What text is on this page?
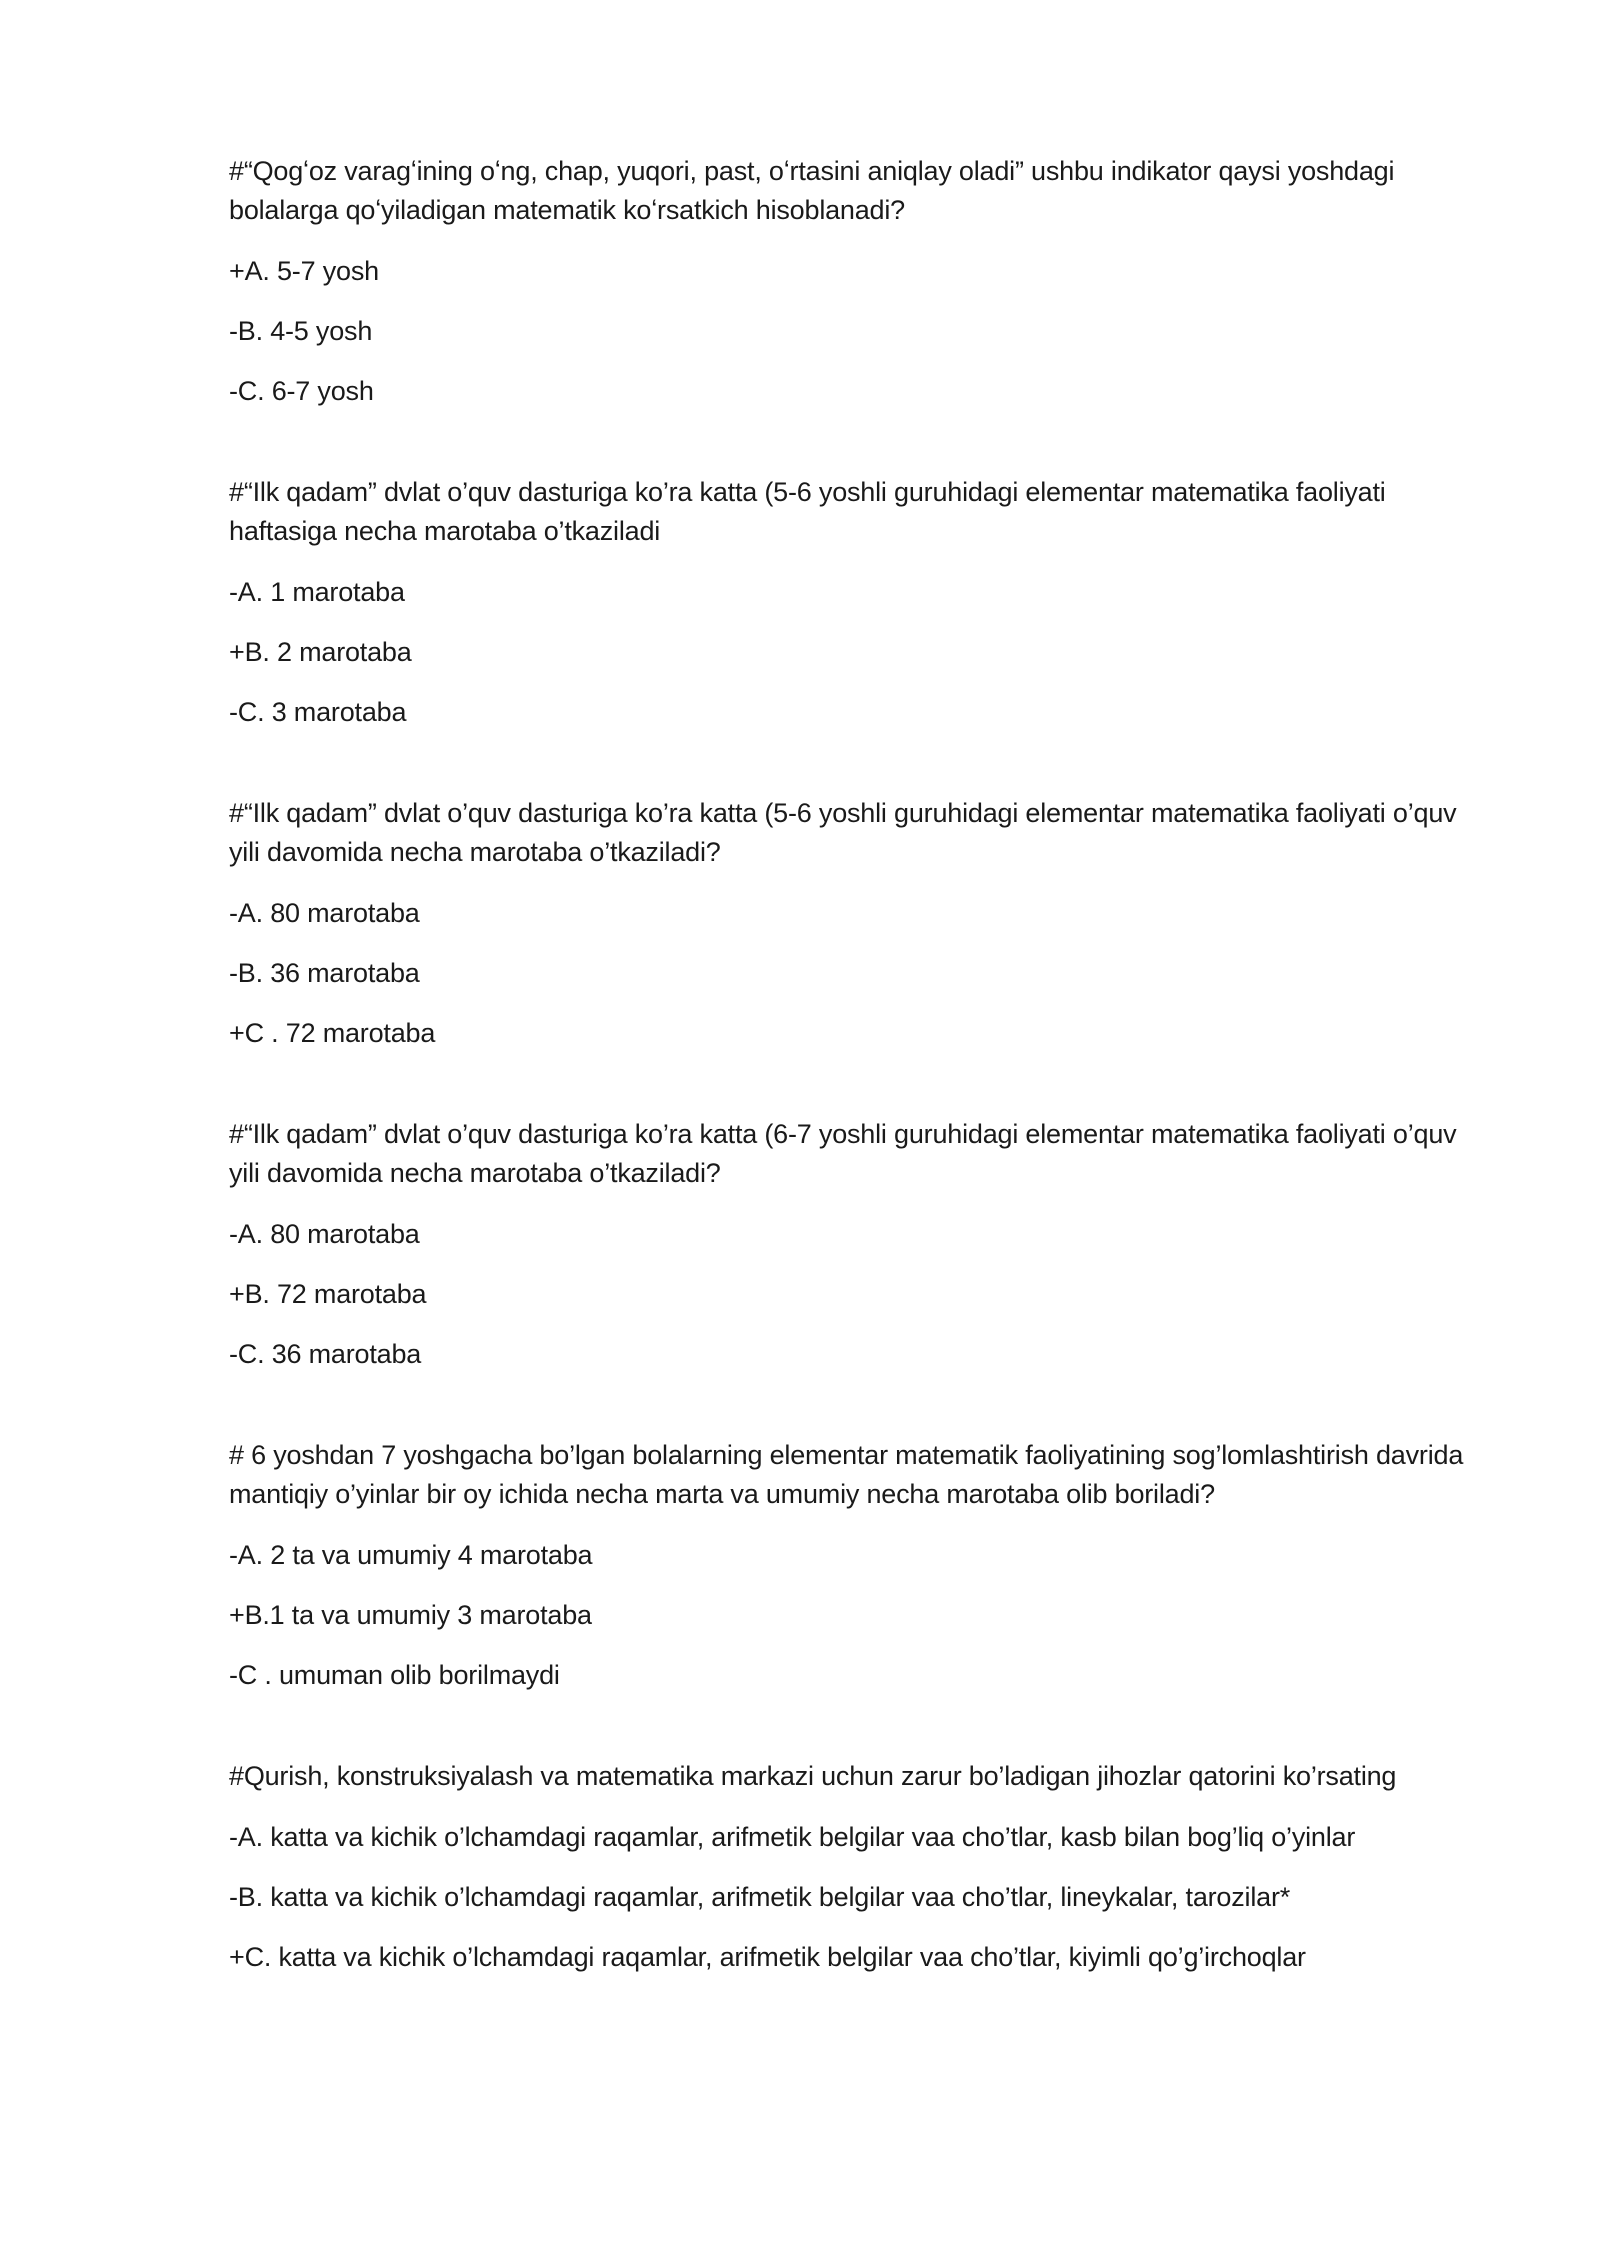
#“Qogʻoz varagʻining oʻng, chap, yuqori, past, oʻrtasini aniqlay oladi” ushbu indikator qaysi yoshdagi bolalarga qoʻyiladigan matematik koʻrsatkich hisoblanadi?

+A. 5-7 yosh

-B. 4-5 yosh

-C. 6-7 yosh

#“Ilk qadam” dvlat o’quv dasturiga ko’ra katta (5-6 yoshli guruhidagi elementar matematika faoliyati haftasiga necha marotaba o’tkaziladi

-A. 1 marotaba

+B. 2 marotaba

-C. 3 marotaba

#“Ilk qadam” dvlat o’quv dasturiga ko’ra katta (5-6 yoshli guruhidagi elementar matematika faoliyati o’quv yili davomida necha marotaba o’tkaziladi?

-A. 80 marotaba

-B. 36 marotaba

+C . 72 marotaba

#“Ilk qadam” dvlat o’quv dasturiga ko’ra katta (6-7 yoshli guruhidagi elementar matematika faoliyati o’quv yili davomida necha marotaba o’tkaziladi?

-A. 80 marotaba

+B. 72 marotaba

-C. 36 marotaba

# 6 yoshdan 7 yoshgacha bo’lgan bolalarning elementar matematik faoliyatining sog’lomlashtirish davrida mantiqiy o’yinlar bir oy ichida necha marta va umumiy necha marotaba olib boriladi?

-A. 2 ta va umumiy 4 marotaba

+B.1 ta va umumiy 3 marotaba

-C . umuman olib borilmaydi

#Qurish, konstruksiyalash va matematika markazi uchun zarur bo’ladigan jihozlar qatorini ko’rsating

-A. katta va kichik o’lchamdagi raqamlar, arifmetik belgilar vaa cho’tlar, kasb bilan bog’liq o’yinlar

-B. katta va kichik o’lchamdagi raqamlar, arifmetik belgilar vaa cho’tlar, lineykalar, tarozilar*

+C. katta va kichik o’lchamdagi raqamlar, arifmetik belgilar vaa cho’tlar, kiyimli qo’g’irchoqlar
